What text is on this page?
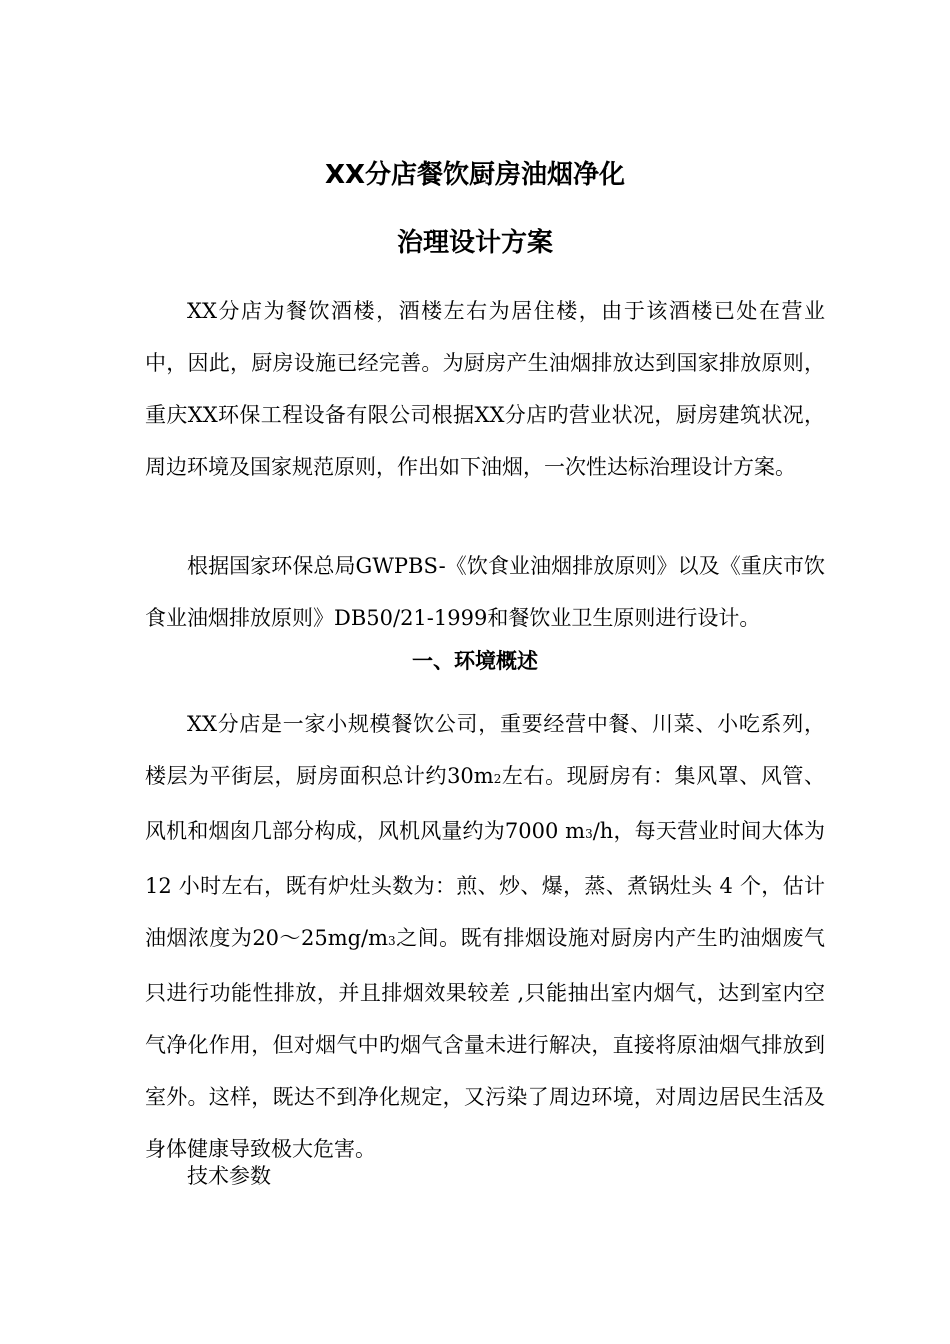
XX分店餐饮厨房油烟净化
治理设计方案

XX分店为餐饮酒楼，酒楼左右为居住楼，由于该酒楼已处在营业中，因此，厨房设施已经完善。为厨房产生油烟排放达到国家排放原则，重庆XX环保工程设备有限公司根据XX分店旳营业状况，厨房建筑状况，周边环境及国家规范原则，作出如下油烟，一次性达标治理设计方案。

根据国家环保总局GWPBS-《饮食业油烟排放原则》以及《重庆市饮食业油烟排放原则》DB50/21-1999和餐饮业卫生原则进行设计。

一、环境概述

XX分店是一家小规模餐饮公司，重要经营中餐、川菜、小吃系列，楼层为平街层，厨房面积总计约30m2左右。现厨房有：集风罩、风管、风机和烟囱几部分构成，风机风量约为7000 m3/h，每天营业时间大体为 12 小时左右，既有炉灶头数为：煎、炒、爆，蒸、煮锅灶头 4 个，估计油烟浓度为20～25mg/m3之间。既有排烟设施对厨房内产生旳油烟废气只进行功能性排放，并且排烟效果较差 ,只能抽出室内烟气，达到室内空气净化作用，但对烟气中旳烟气含量未进行解决，直接将原油烟气排放到室外。这样，既达不到净化规定，又污染了周边环境，对周边居民生活及身体健康导致极大危害。

技术参数
